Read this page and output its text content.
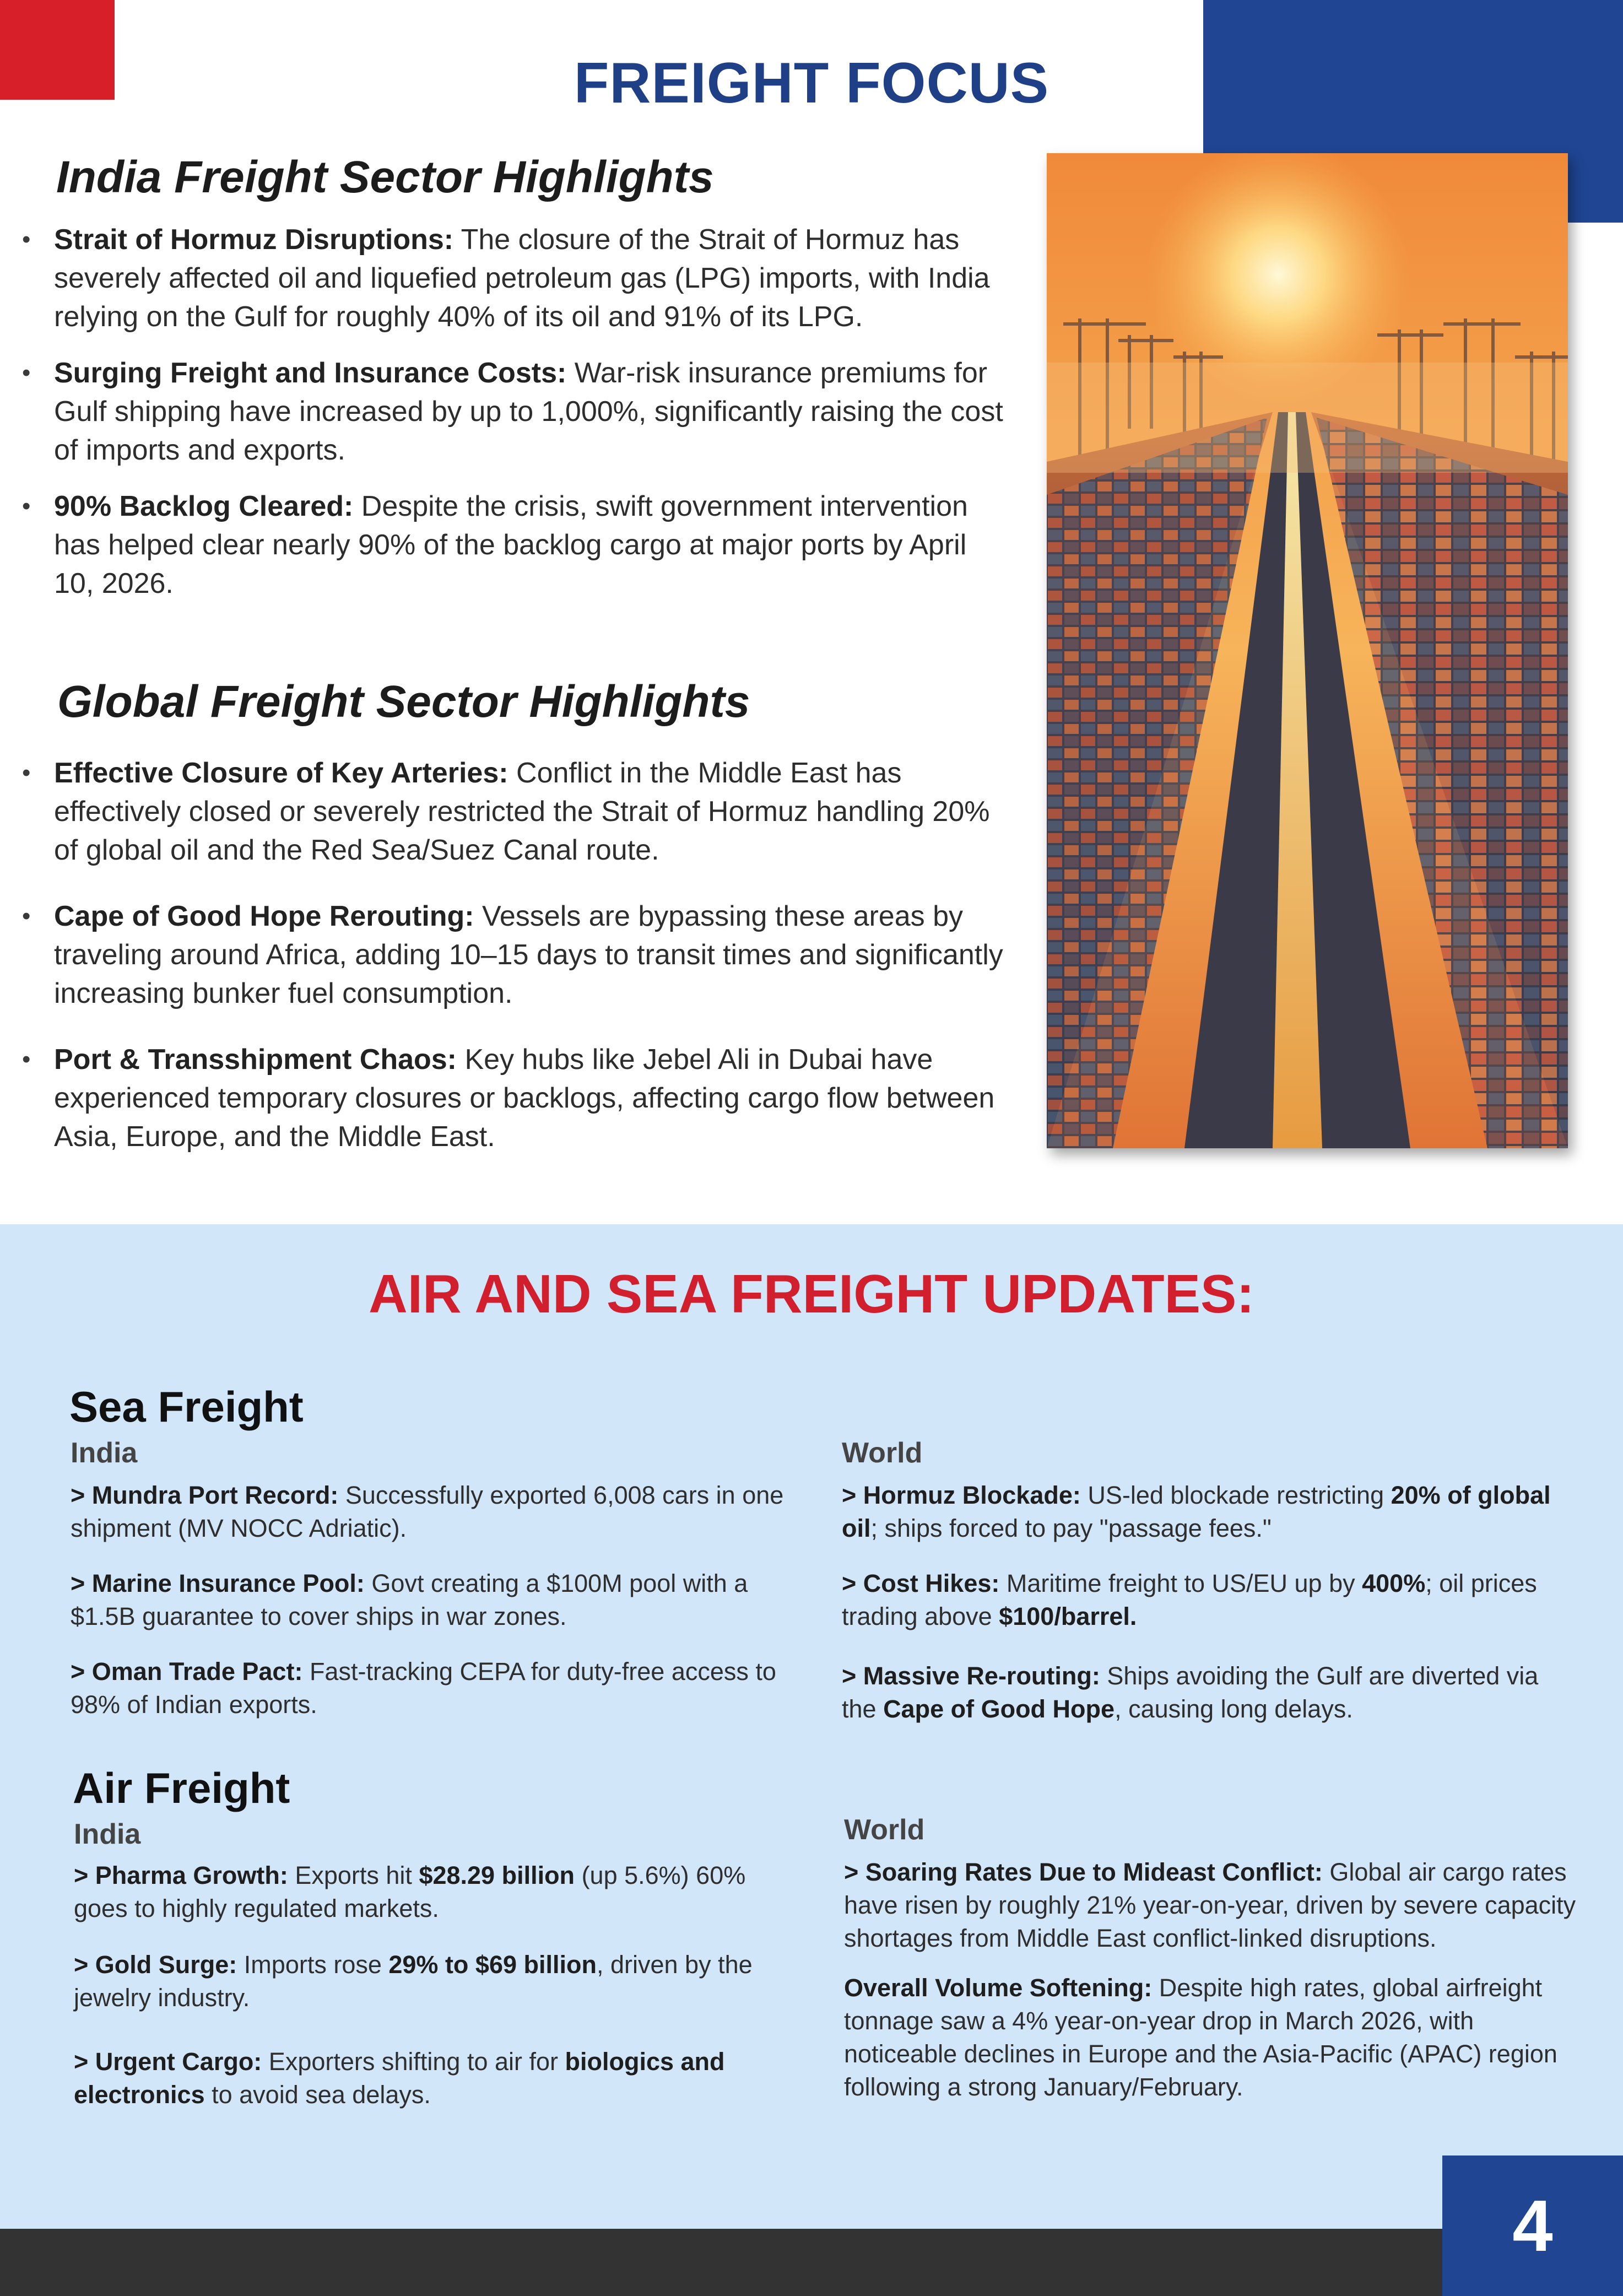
FREIGHT FOCUS
India Freight Sector Highlights
• Strait of Hormuz Disruptions: The closure of the Strait of Hormuz has severely affected oil and liquefied petroleum gas (LPG) imports, with India relying on the Gulf for roughly 40% of its oil and 91% of its LPG.
• Surging Freight and Insurance Costs: War-risk insurance premiums for Gulf shipping have increased by up to 1,000%, significantly raising the cost of imports and exports.
• 90% Backlog Cleared: Despite the crisis, swift government intervention has helped clear nearly 90% of the backlog cargo at major ports by April 10, 2026.
Global Freight Sector Highlights
• Effective Closure of Key Arteries: Conflict in the Middle East has effectively closed or severely restricted the Strait of Hormuz handling 20% of global oil and the Red Sea/Suez Canal route.
• Cape of Good Hope Rerouting: Vessels are bypassing these areas by traveling around Africa, adding 10–15 days to transit times and significantly increasing bunker fuel consumption.
• Port & Transshipment Chaos: Key hubs like Jebel Ali in Dubai have experienced temporary closures or backlogs, affecting cargo flow between Asia, Europe, and the Middle East.
AIR AND SEA FREIGHT UPDATES:
Sea Freight
India	World
> Mundra Port Record: Successfully exported 6,008 cars in one shipment (MV NOCC Adriatic).
> Marine Insurance Pool: Govt creating a $100M pool with a $1.5B guarantee to cover ships in war zones.
> Oman Trade Pact: Fast-tracking CEPA for duty-free access to 98% of Indian exports.
> Hormuz Blockade: US-led blockade restricting 20% of global oil; ships forced to pay "passage fees."
> Cost Hikes: Maritime freight to US/EU up by 400%; oil prices trading above $100/barrel.
> Massive Re-routing: Ships avoiding the Gulf are diverted via the Cape of Good Hope, causing long delays.
Air Freight
India	World
> Pharma Growth: Exports hit $28.29 billion (up 5.6%) 60% goes to highly regulated markets.
> Gold Surge: Imports rose 29% to $69 billion, driven by the jewelry industry.
> Urgent Cargo: Exporters shifting to air for biologics and electronics to avoid sea delays.
> Soaring Rates Due to Mideast Conflict: Global air cargo rates have risen by roughly 21% year-on-year, driven by severe capacity shortages from Middle East conflict-linked disruptions.
Overall Volume Softening: Despite high rates, global airfreight tonnage saw a 4% year-on-year drop in March 2026, with noticeable declines in Europe and the Asia-Pacific (APAC) region following a strong January/February.
4
